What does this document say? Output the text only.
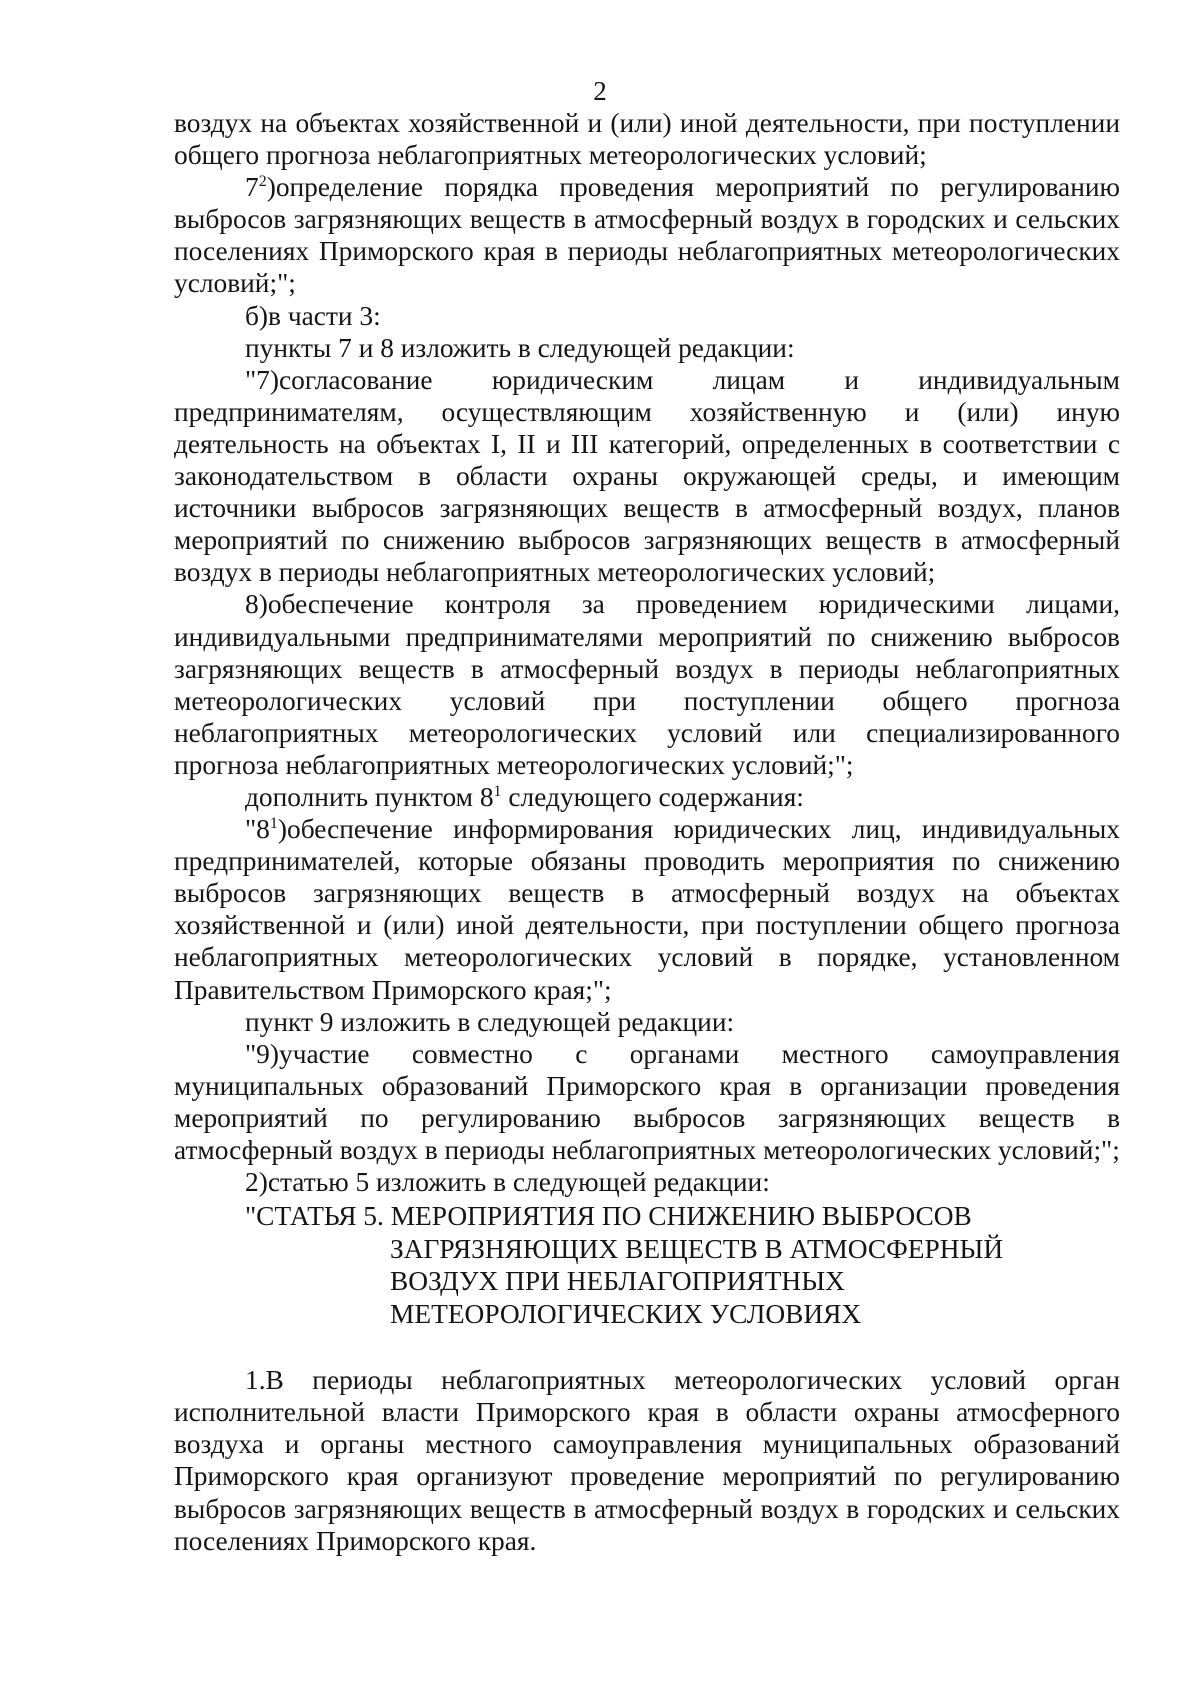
2

воздух на объектах хозяйственной и (или) иной деятельности, при поступлении общего прогноза неблагоприятных метеорологических условий;

$7^2)определение$ порядка проведения мероприятий по регулированию выбросов загрязняющих веществ в атмосферный воздух в городских и сельских поселениях Приморского края в периоды неблагоприятных метеорологических условий;";

б)в части 3:

пункты 7 и 8 изложить в следующей редакции:

"7)согласование юридическим лицам и индивидуальным предпринимателям, осуществляющим хозяйственную и (или) иную деятельность на объектах I, II и III категорий, определенных в соответствии с законодательством в области охраны окружающей среды, и имеющим источники выбросов загрязняющих веществ в атмосферный воздух, планов мероприятий по снижению выбросов загрязняющих веществ в атмосферный воздух в периоды неблагоприятных метеорологических условий;

8)обеспечение контроля за проведением юридическими лицами, индивидуальными предпринимателями мероприятий по снижению выбросов загрязняющих веществ в атмосферный воздух в периоды неблагоприятных метеорологических условий при поступлении общего прогноза неблагоприятных метеорологических условий или специализированного прогноза неблагоприятных метеорологических условий;";

дополнить пунктом $8^1$ следующего содержания:

"$8^1)обеспечение$ информирования юридических лиц, индивидуальных предпринимателей, которые обязаны проводить мероприятия по снижению выбросов загрязняющих веществ в атмосферный воздух на объектах хозяйственной и (или) иной деятельности, при поступлении общего прогноза неблагоприятных метеорологических условий в порядке, установленном Правительством Приморского края;";

пункт 9 изложить в следующей редакции:

"9)участие совместно с органами местного самоуправления муниципальных образований Приморского края в организации проведения мероприятий по регулированию выбросов загрязняющих веществ в атмосферный воздух в периоды неблагоприятных метеорологических условий;";

2)статью 5 изложить в следующей редакции:

"СТАТЬЯ 5. МЕРОПРИЯТИЯ ПО СНИЖЕНИЮ ВЫБРОСОВ
ЗАГРЯЗНЯЮЩИХ ВЕЩЕСТВ В АТМОСФЕРНЫЙ
ВОЗДУХ ПРИ НЕБЛАГОПРИЯТНЫХ
МЕТЕОРОЛОГИЧЕСКИХ УСЛОВИЯХ

1.В периоды неблагоприятных метеорологических условий орган исполнительной власти Приморского края в области охраны атмосферного воздуха и органы местного самоуправления муниципальных образований Приморского края организуют проведение мероприятий по регулированию выбросов загрязняющих веществ в атмосферный воздух в городских и сельских поселениях Приморского края.
